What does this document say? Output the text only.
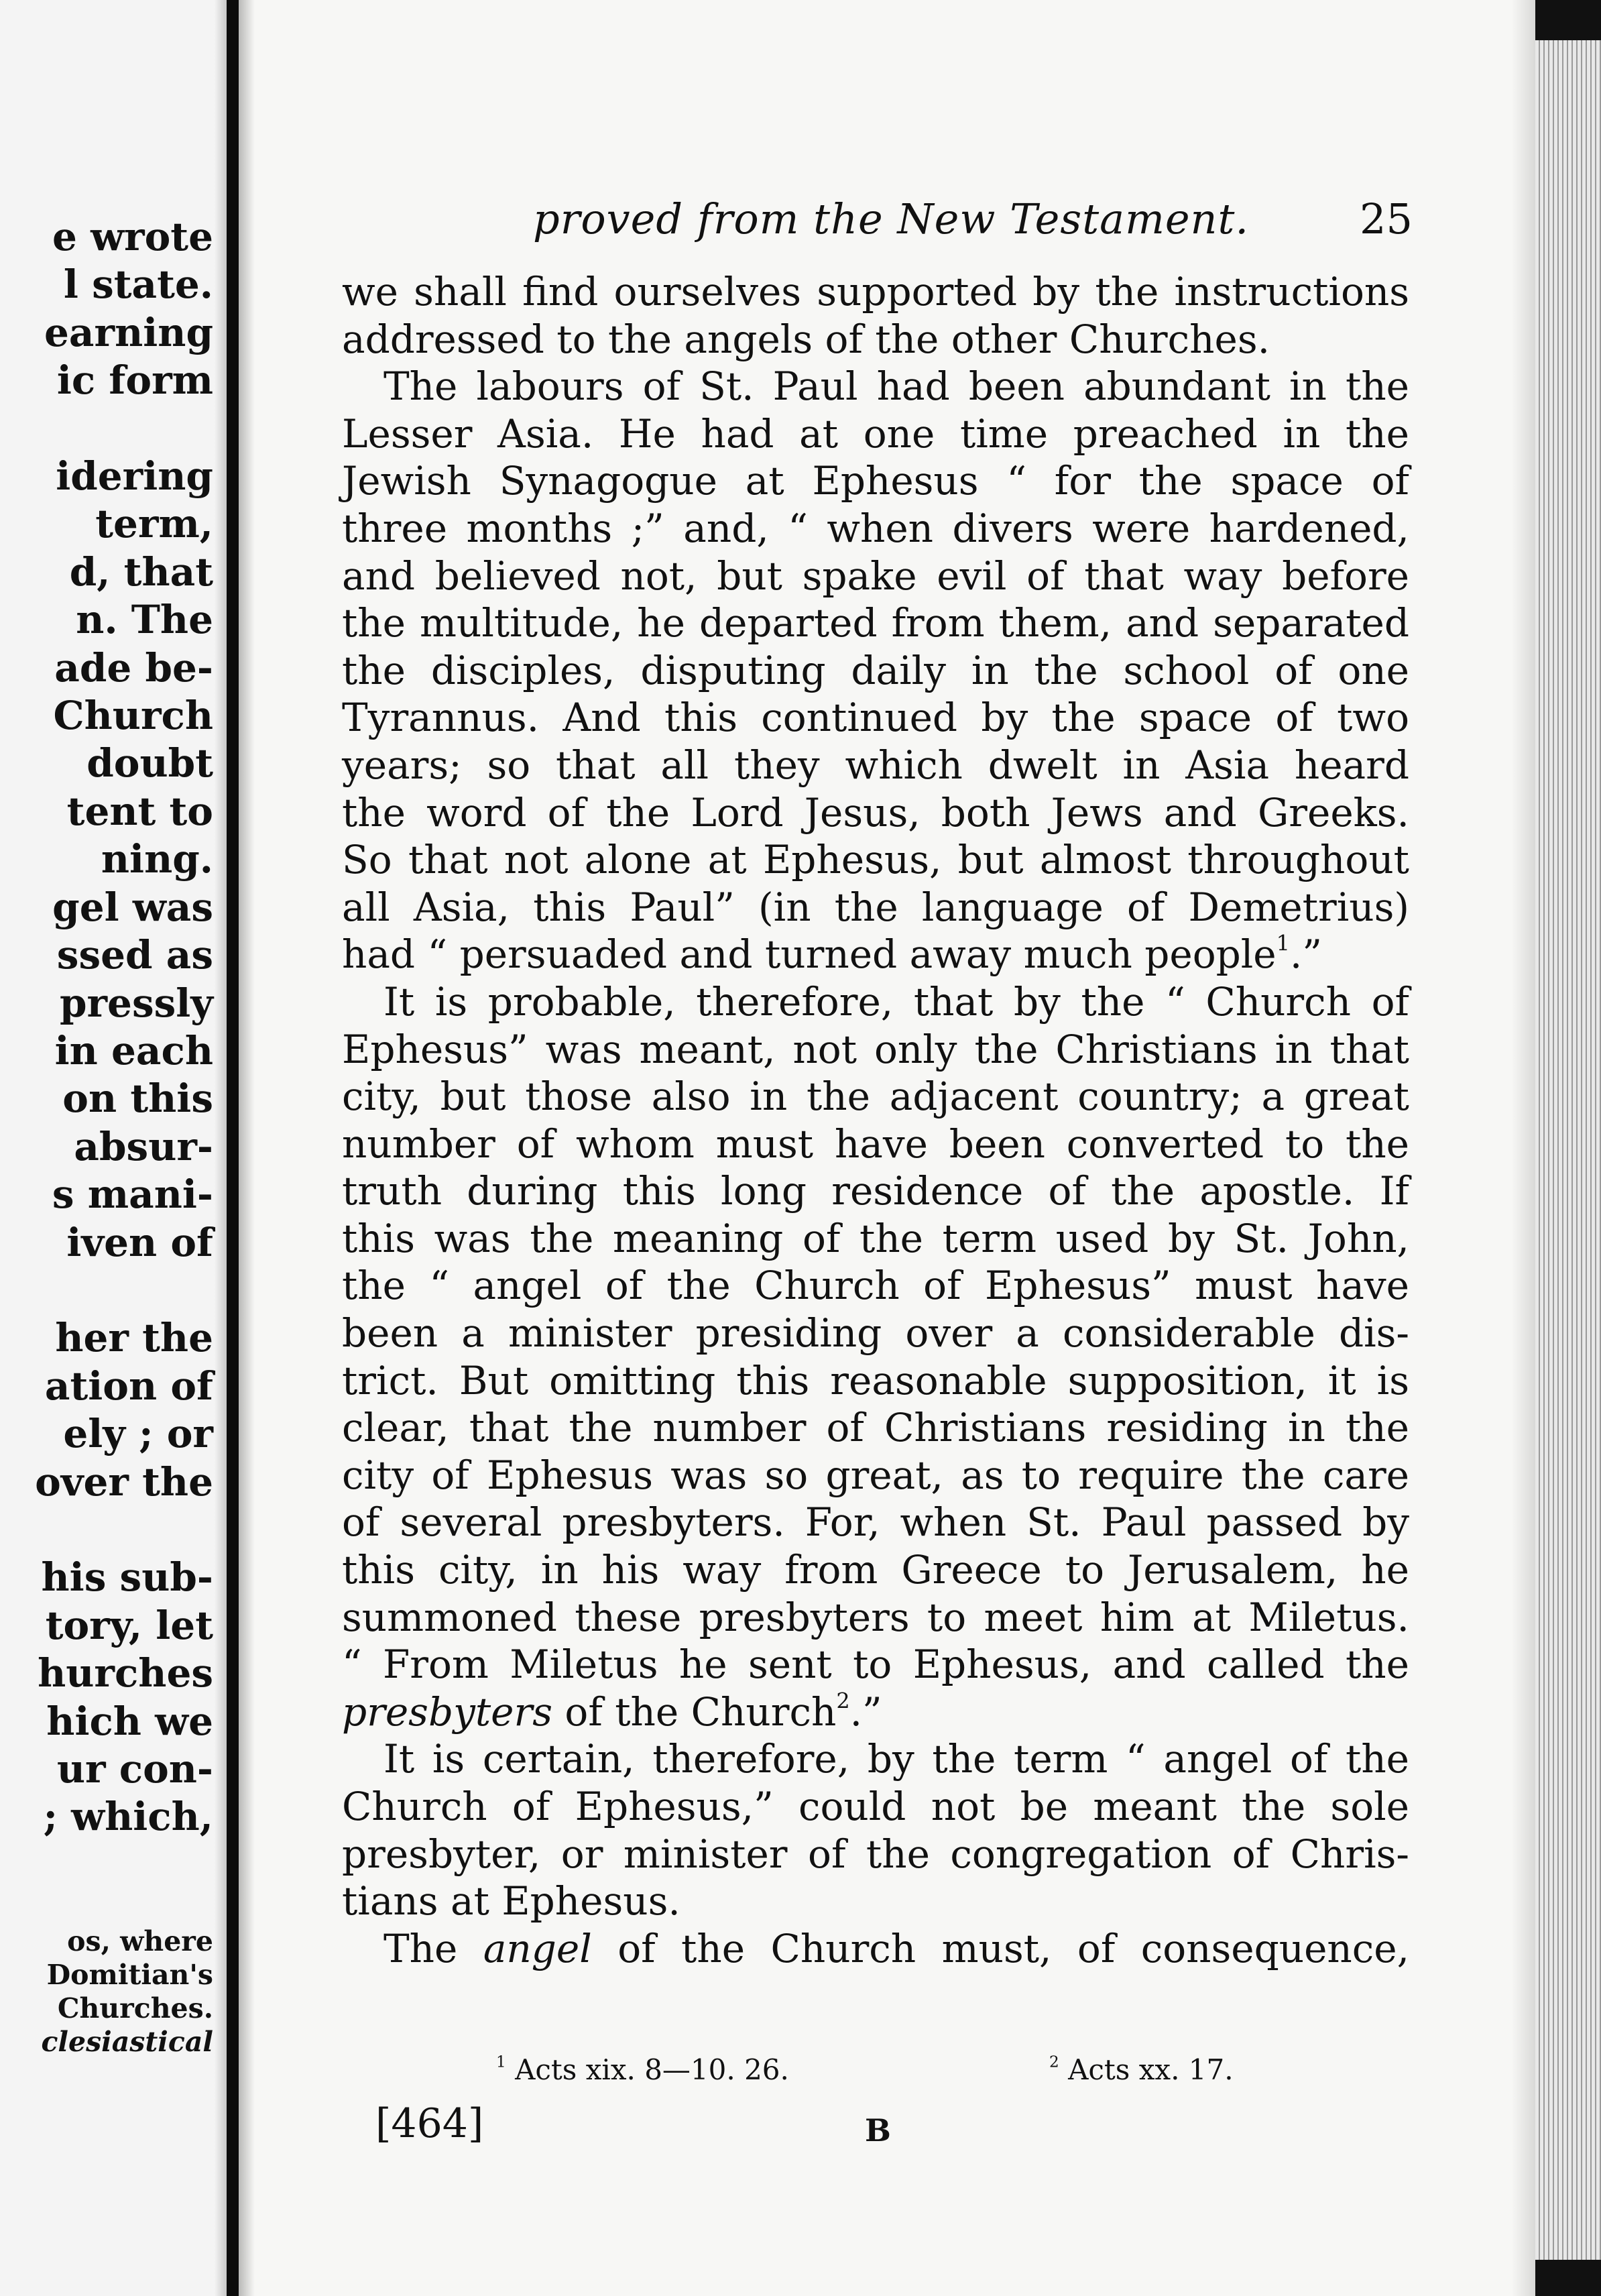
e wrote
l state.
earning
ic form

idering
term,
d, that
n. The
ade be-
Church
doubt
tent to
ning.
gel was
ssed as
pressly
in each
on this
absur-
s mani-
iven of

her the
ation of
ely ; or
over the

his sub-
tory, let
hurches
hich we
ur con-
; which,
os, where
Domitian's
Churches.
clesiastical
proved from the New Testament.	25
we shall find ourselves supported by the instructions
addressed to the angels of the other Churches.
The labours of St. Paul had been abundant in the
Lesser Asia. He had at one time preached in the
Jewish Synagogue at Ephesus “ for the space of
three months ;” and, “ when divers were hardened,
and believed not, but spake evil of that way before
the multitude, he departed from them, and separated
the disciples, disputing daily in the school of one
Tyrannus. And this continued by the space of two
years; so that all they which dwelt in Asia heard
the word of the Lord Jesus, both Jews and Greeks.
So that not alone at Ephesus, but almost throughout
all Asia, this Paul” (in the language of Demetrius)
had “ persuaded and turned away much people$^1$.”
It is probable, therefore, that by the “ Church of
Ephesus” was meant, not only the Christians in that
city, but those also in the adjacent country; a great
number of whom must have been converted to the
truth during this long residence of the apostle. If
this was the meaning of the term used by St. John,
the “ angel of the Church of Ephesus” must have
been a minister presiding over a considerable dis-
trict. But omitting this reasonable supposition, it is
clear, that the number of Christians residing in the
city of Ephesus was so great, as to require the care
of several presbyters. For, when St. Paul passed by
this city, in his way from Greece to Jerusalem, he
summoned these presbyters to meet him at Miletus.
“ From Miletus he sent to Ephesus, and called the
presbyters of the Church$^2$.”
It is certain, therefore, by the term “ angel of the
Church of Ephesus,” could not be meant the sole
presbyter, or minister of the congregation of Chris-
tians at Ephesus.
The angel of the Church must, of consequence,
$^1$ Acts xix. 8—10. 26.	$^2$ Acts xx. 17.
[464]	B
